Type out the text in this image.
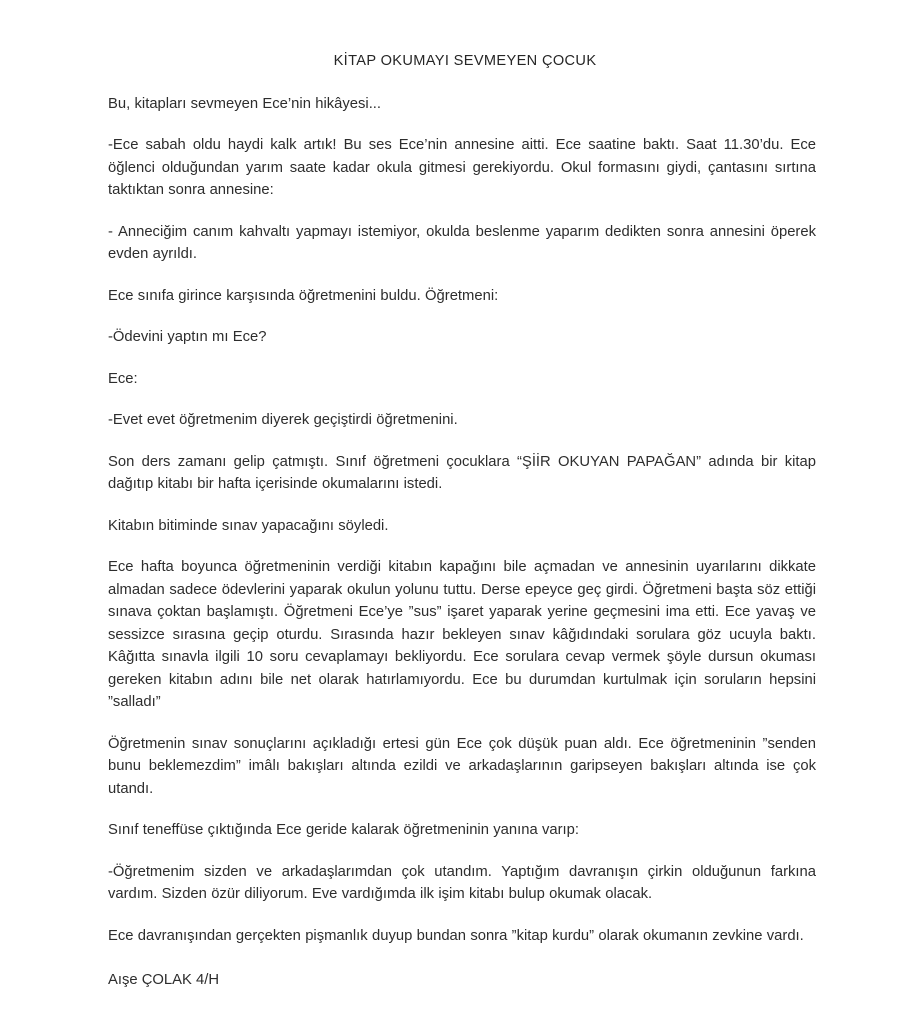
KİTAP OKUMAYI SEVMEYEN ÇOCUK

Bu, kitapları sevmeyen Ece’nin hikâyesi...

-Ece sabah oldu haydi kalk artık! Bu ses Ece’nin annesine aitti. Ece saatine baktı. Saat 11.30’du. Ece öğlenci olduğundan yarım saate kadar okula gitmesi gerekiyordu. Okul formasını giydi, çantasını sırtına taktıktan sonra annesine:

- Anneciğim canım kahvaltı yapmayı istemiyor, okulda beslenme yaparım dedikten sonra annesini öperek evden ayrıldı.

Ece sınıfa girince karşısında öğretmenini buldu. Öğretmeni:

-Ödevini yaptın mı Ece?

Ece:

-Evet evet öğretmenim diyerek geçiştirdi öğretmenini.

Son ders zamanı gelip çatmıştı. Sınıf öğretmeni çocuklara “ŞİİR OKUYAN PAPAĞAN” adında bir kitap dağıtıp kitabı bir hafta içerisinde okumalarını istedi.

Kitabın bitiminde sınav yapacağını söyledi.

Ece hafta boyunca öğretmeninin verdiği kitabın kapağını bile açmadan ve annesinin uyarılarını dikkate almadan sadece ödevlerini yaparak okulun yolunu tuttu. Derse epeyce geç girdi. Öğretmeni başta söz ettiği sınava çoktan başlamıştı. Öğretmeni Ece’ye ”sus” işaret yaparak yerine geçmesini ima etti. Ece yavaş ve sessizce sırasına geçip oturdu. Sırasında hazır bekleyen sınav kâğıdındaki sorulara göz ucuyla baktı. Kâğıtta sınavla ilgili 10 soru cevaplamayı bekliyordu. Ece sorulara cevap vermek şöyle dursun okuması gereken kitabın adını bile net olarak hatırlamıyordu. Ece bu durumdan kurtulmak için soruların hepsini ”salladı”

Öğretmenin sınav sonuçlarını açıkladığı ertesi gün Ece çok düşük puan aldı. Ece öğretmeninin ”senden bunu beklemezdim” imâlı bakışları altında ezildi ve arkadaşlarının garipseyen bakışları altında ise çok utandı.

Sınıf teneffüse çıktığında Ece geride kalarak öğretmeninin yanına varıp:

-Öğretmenim sizden ve arkadaşlarımdan çok utandım. Yaptığım davranışın çirkin olduğunun farkına vardım. Sizden özür diliyorum. Eve vardığımda ilk işim kitabı bulup okumak olacak.

Ece davranışından gerçekten pişmanlık duyup bundan sonra ”kitap kurdu” olarak okumanın zevkine vardı.

Aışe ÇOLAK 4/H
